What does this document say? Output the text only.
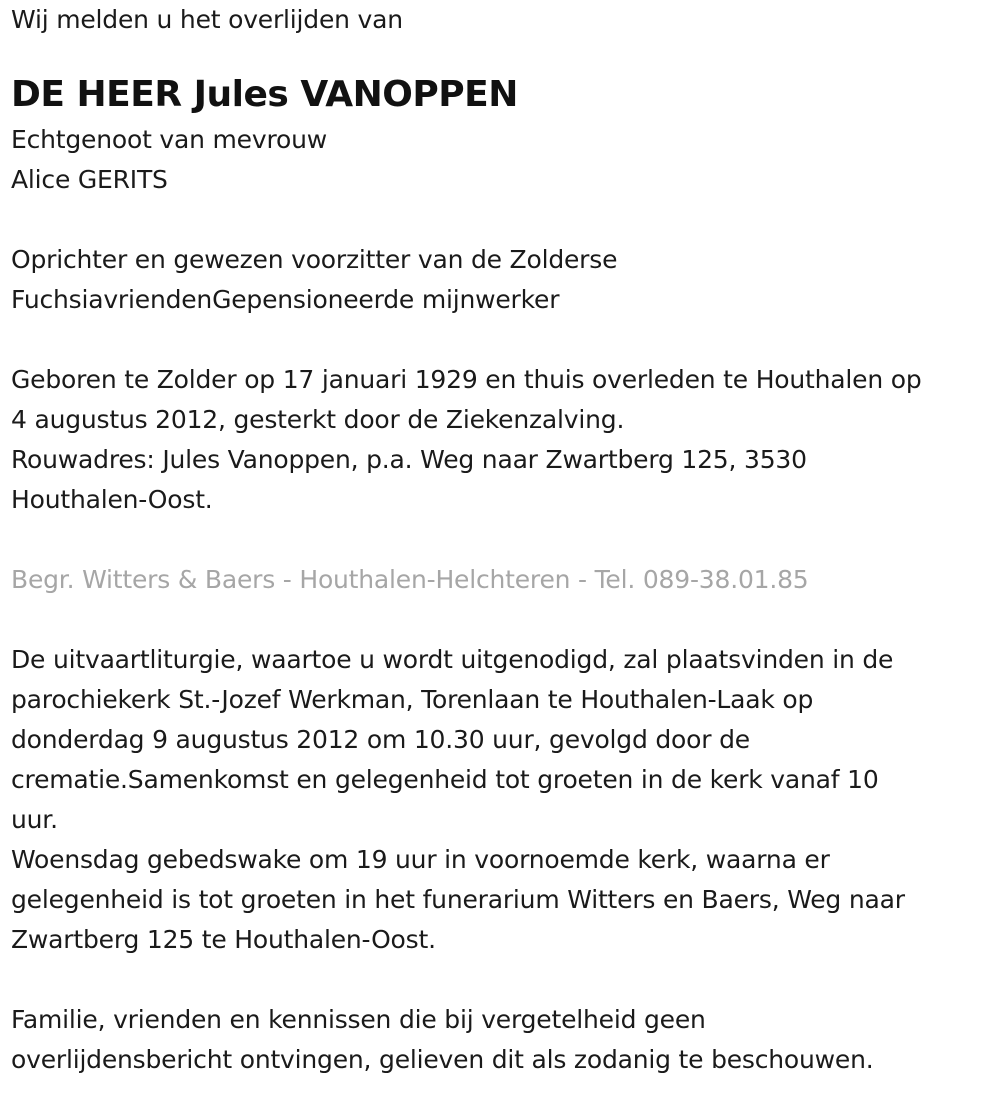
Wij melden u het overlijden van
DE HEER Jules VANOPPEN
Echtgenoot van mevrouw
Alice GERITS
Oprichter en gewezen voorzitter van de Zolderse
FuchsiavriendenGepensioneerde mijnwerker
Geboren te Zolder op 17 januari 1929 en thuis overleden te Houthalen op
4 augustus 2012, gesterkt door de Ziekenzalving.
Rouwadres: Jules Vanoppen, p.a. Weg naar Zwartberg 125, 3530
Houthalen-Oost.
Begr. Witters & Baers - Houthalen-Helchteren - Tel. 089-38.01.85
De uitvaartliturgie, waartoe u wordt uitgenodigd, zal plaatsvinden in de
parochiekerk St.-Jozef Werkman, Torenlaan te Houthalen-Laak op
donderdag 9 augustus 2012 om 10.30 uur, gevolgd door de
crematie.Samenkomst en gelegenheid tot groeten in de kerk vanaf 10
uur.
Woensdag gebedswake om 19 uur in voornoemde kerk, waarna er
gelegenheid is tot groeten in het funerarium Witters en Baers, Weg naar
Zwartberg 125 te Houthalen-Oost.
Familie, vrienden en kennissen die bij vergetelheid geen
overlijdensbericht ontvingen, gelieven dit als zodanig te beschouwen.
